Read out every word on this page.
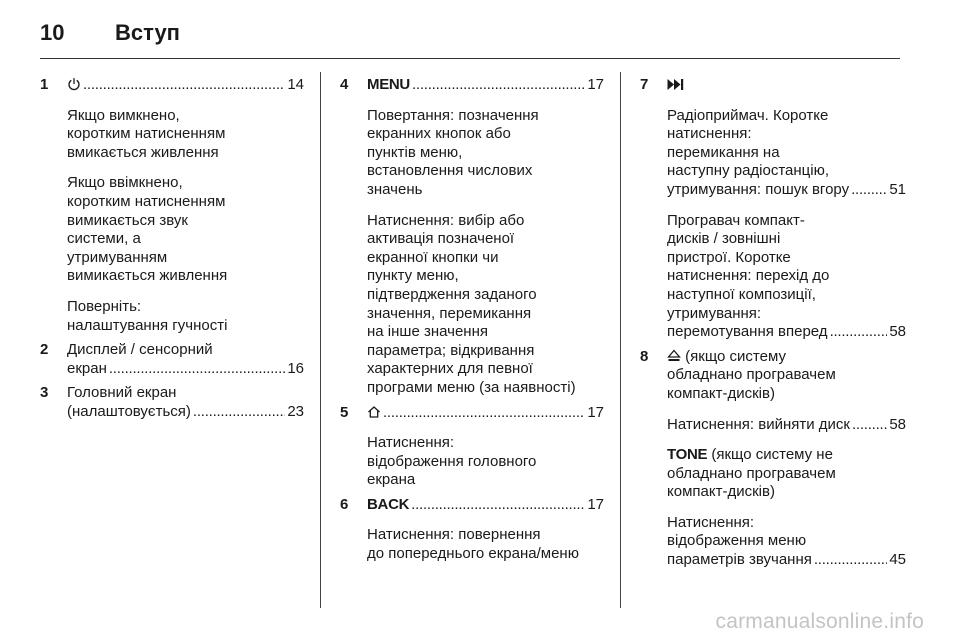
10	Вступ
1 . . .	14
Якщо вимкнено,
коротким натисненням
вмикається живлення
Якщо ввімкнено,
коротким натисненням
вимикається звук
системи, а
утримуванням
вимикається живлення
Поверніть:
налаштування гучності
2 Дисплей / сенсорний
екран . . .	16
3 Головний екран
(налаштовується) . . .	23
4 MENU . . .	17
Повертання: позначення
екранних кнопок або
пунктів меню,
встановлення числових
значень
Натиснення: вибір або
активація позначеної
екранної кнопки чи
пункту меню,
підтвердження заданого
значення, перемикання
на інше значення
параметра; відкривання
характерних для певної
програми меню (за наявності)
5 . . .	17
Натиснення:
відображення головного
екрана
6 BACK . . .	17
Натиснення: повернення
до попереднього екрана/меню
7
Радіоприймач. Коротке
натиснення:
перемикання на
наступну радіостанцію,
утримування: пошук вгору . . .	51
Програвач компакт-
дисків / зовнішні
пристрої. Коротке
натиснення: перехід до
наступної композиції,
утримування:
перемотування вперед . . .	58
8	(якщо систему
обладнано програвачем
компакт-дисків)
Натиснення: вийняти диск . . .	58
TONE (якщо систему не
обладнано програвачем
компакт-дисків)
Натиснення:
відображення меню
параметрів звучання . . .	45
carmanualsonline.info
